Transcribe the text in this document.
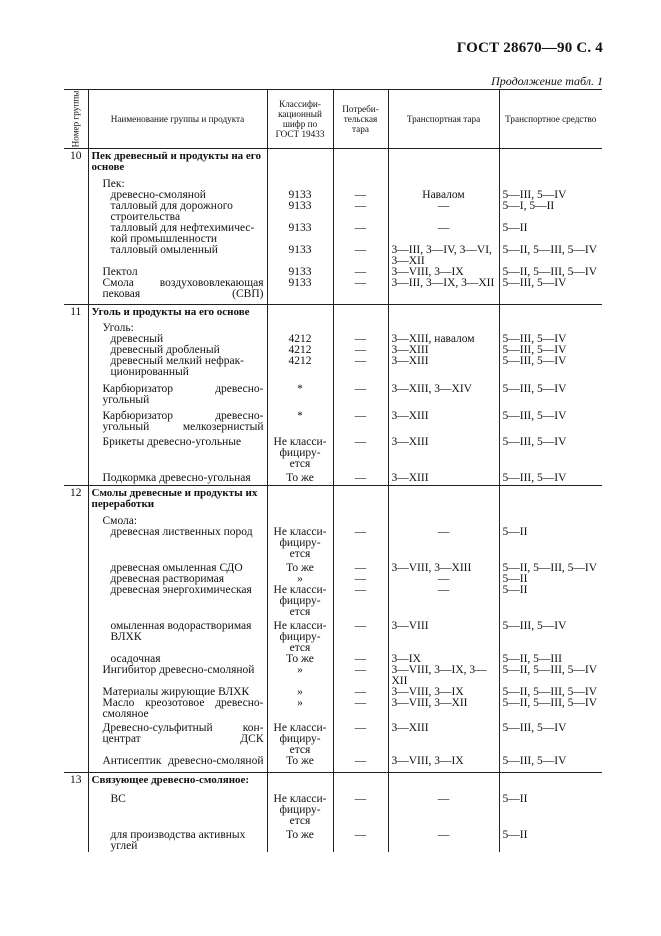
ГОСТ 28670—90 С. 4
Продолжение табл. 1
Номер группы	Наименование группы и продукта	Классифи-кационный шифр по ГОСТ 19433	Потреби-тельская тара	Транспортная тара	Транспортное средство
10	Пек древесный и продукты на его основе				

	Пек:				
	древесно-смоляной	9133	—	Навалом	5—III, 5—IV
	талловый для дорожного строительства	9133	—	—	5—I, 5—II
	талловый для нефтехимичес-кой промышленности	9133	—	—	5—II
	талловый омыленный	9133	—	3—III, 3—IV, 3—VI, 3—XII	5—II, 5—III, 5—IV
	Пектол	9133	—	3—VIII, 3—IX	5—II, 5—III, 5—IV
	Смола воздухововлекающая пековая (СВП)	9133	—	3—III, 3—IX, 3—XII	5—III, 5—IV

11	Уголь и продукты на его основе				

	Уголь:				
	древесный	4212	—	3—XIII, навалом	5—III, 5—IV
	древесный дробленый	4212	—	3—XIII	5—III, 5—IV
	древесный мелкий нефрак-ционированный	4212	—	3—XIII	5—III, 5—IV

	Карбюризатор древесно-угольный	*	—	3—XIII, 3—XIV	5—III, 5—IV

	Карбюризатор древесно-угольный мелкозернистый	*	—	3—XIII	5—III, 5—IV

	Брикеты древесно-угольные	Не класси-фициру-ется	—	3—XIII	5—III, 5—IV

	Подкормка древесно-угольная	То же	—	3—XIII	5—III, 5—IV

12	Смолы древесные и продукты их переработки				

	Смола:				
	древесная лиственных пород	Не класси-фициру-ется	—	—	5—II

	древесная омыленная СДО	То же	—	3—VIII, 3—XIII	5—II, 5—III, 5—IV
	древесная растворимая	»	—	—	5—II
	древесная энергохимическая	Не класси-фициру-ется	—	—	5—II

	омыленная водорастворимая ВЛХК	Не класси-фициру-ется	—	3—VIII	5—III, 5—IV
	осадочная	То же	—	3—IX	5—II, 5—III
	Ингибитор древесно-смоляной	»	—	3—VIII, 3—IX, 3—XII	5—II, 5—III, 5—IV
	Материалы жирующие ВЛХК	»	—	3—VIII, 3—IX	5—II, 5—III, 5—IV
	Масло креозотовое древесно-смоляное	»	—	3—VIII, 3—XII	5—II, 5—III, 5—IV

	Древесно-сульфитный кон-центрат ДСК	Не класси-фициру-ется	—	3—XIII	5—III, 5—IV
	Антисептик древесно-смоляной	То же	—	3—VIII, 3—IX	5—III, 5—IV

13	Связующее древесно-смоляное:				

	ВС	Не класси-фициру-ется	—	—	5—II

	для производства активных углей	То же	—	—	5—II
